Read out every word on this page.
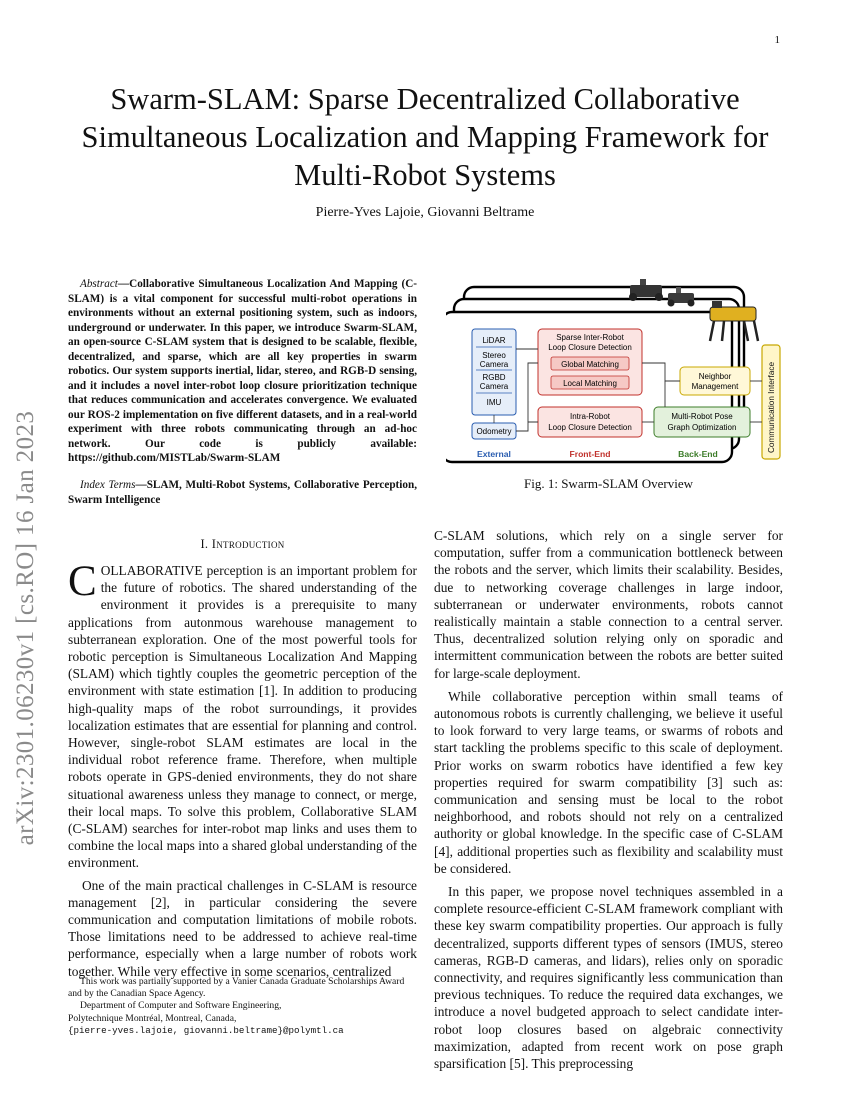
1
arXiv:2301.06230v1 [cs.RO] 16 Jan 2023
Swarm-SLAM: Sparse Decentralized Collaborative Simultaneous Localization and Mapping Framework for Multi-Robot Systems
Pierre-Yves Lajoie, Giovanni Beltrame
Abstract—Collaborative Simultaneous Localization And Mapping (C-SLAM) is a vital component for successful multi-robot operations in environments without an external positioning system, such as indoors, underground or underwater. In this paper, we introduce Swarm-SLAM, an open-source C-SLAM system that is designed to be scalable, flexible, decentralized, and sparse, which are all key properties in swarm robotics. Our system supports inertial, lidar, stereo, and RGB-D sensing, and it includes a novel inter-robot loop closure prioritization technique that reduces communication and accelerates convergence. We evaluated our ROS-2 implementation on five different datasets, and in a real-world experiment with three robots communicating through an ad-hoc network. Our code is publicly available: https://github.com/MISTLab/Swarm-SLAM
Index Terms—SLAM, Multi-Robot Systems, Collaborative Perception, Swarm Intelligence
I. Introduction

COLLABORATIVE perception is an important problem for the future of robotics. The shared understanding of the environment it provides is a prerequisite to many applications from autonmous warehouse management to subterranean exploration. One of the most powerful tools for robotic perception is Simultaneous Localization And Mapping (SLAM) which tightly couples the geometric perception of the environment with state estimation [1]. In addition to producing high-quality maps of the robot surroundings, it provides localization estimates that are essential for planning and control. However, single-robot SLAM estimates are local in the individual robot reference frame. Therefore, when multiple robots operate in GPS-denied environments, they do not share situational awareness unless they manage to connect, or merge, their local maps. To solve this problem, Collaborative SLAM (C-SLAM) searches for inter-robot map links and uses them to combine the local maps into a shared global understanding of the environment.

One of the main practical challenges in C-SLAM is resource management [2], in particular considering the severe communication and computation limitations of mobile robots. Those limitations need to be addressed to achieve real-time performance, especially when a large number of robots work together. While very effective in some scenarios, centralized

This work was partially supported by a Vanier Canada Graduate Scholarships Award and by the Canadian Space Agency.

Department of Computer and Software Engineering,

Polytechnique Montréal, Montreal, Canada,
{pierre-yves.lajoie, giovanni.beltrame}@polymtl.ca
Communication Interface
LiDAR
Stereo
Camera
RGBD
Camera
IMU
Odometry
Sparse Inter-Robot
Loop Closure Detection
Global Matching
Local Matching
Intra-Robot
Loop Closure Detection
Neighbor
Management
Multi-Robot Pose
Graph Optimization
External	Front-End	Back-End
Fig. 1: Swarm-SLAM Overview

C-SLAM solutions, which rely on a single server for computation, suffer from a communication bottleneck between the robots and the server, which limits their scalability. Besides, due to networking coverage challenges in large indoor, subterranean or underwater environments, robots cannot realistically maintain a stable connection to a central server. Thus, decentralized solution relying only on sporadic and intermittent communication between the robots are better suited for large-scale deployment.

While collaborative perception within small teams of autonomous robots is currently challenging, we believe it useful to look forward to very large teams, or swarms of robots and start tackling the problems specific to this scale of deployment. Prior works on swarm robotics have identified a few key properties required for swarm compatibility [3] such as: communication and sensing must be local to the robot neighborhood, and robots should not rely on a centralized authority or global knowledge. In the specific case of C-SLAM [4], additional properties such as flexibility and scalability must be considered.

In this paper, we propose novel techniques assembled in a complete resource-efficient C-SLAM framework compliant with these key swarm compatibility properties. Our approach is fully decentralized, supports different types of sensors (IMUS, stereo cameras, RGB-D cameras, and lidars), relies only on sporadic connectivity, and requires significantly less communication than previous techniques. To reduce the required data exchanges, we introduce a novel budgeted approach to select candidate inter-robot loop closures based on algebraic connectivity maximization, adapted from recent work on pose graph sparsification [5]. This preprocessing
